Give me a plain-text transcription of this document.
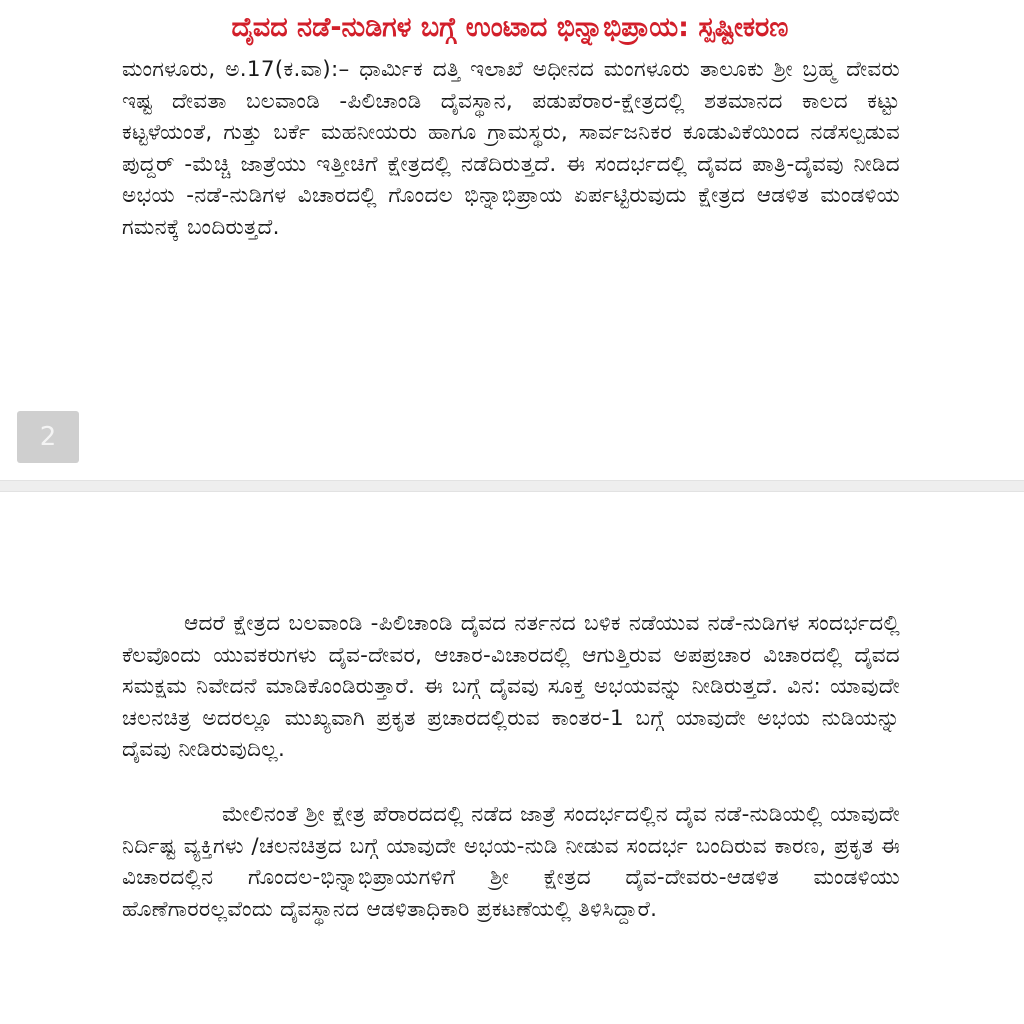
ದೈವದ ನಡೆ-ನುಡಿಗಳ ಬಗ್ಗೆ ಉಂಟಾದ ಭಿನ್ನಾಭಿಪ್ರಾಯ: ಸ್ಪಷ್ಟೀಕರಣ

ಮಂಗಳೂರು, ಅ.17(ಕ.ವಾ):– ಧಾರ್ಮಿಕ ದತ್ತಿ ಇಲಾಖೆ ಅಧೀನದ ಮಂಗಳೂರು ತಾಲೂಕು ಶ್ರೀ ಬ್ರಹ್ಮ ದೇವರು ಇಷ್ಟ ದೇವತಾ ಬಲವಾಂಡಿ -ಪಿಲಿಚಾಂಡಿ ದೈವಸ್ಥಾನ, ಪಡುಪೆರಾರ-ಕ್ಷೇತ್ರದಲ್ಲಿ ಶತಮಾನದ ಕಾಲದ ಕಟ್ಟು ಕಟ್ಟಳೆಯಂತೆ, ಗುತ್ತು ಬರ್ಕೆ ಮಹನೀಯರು ಹಾಗೂ ಗ್ರಾಮಸ್ಥರು, ಸಾರ್ವಜನಿಕರ ಕೂಡುವಿಕೆಯಿಂದ ನಡೆಸಲ್ಪಡುವ ಪುದ್ದರ್ -ಮೆಚ್ಚಿ ಜಾತ್ರೆಯು ಇತ್ತೀಚಿಗೆ ಕ್ಷೇತ್ರದಲ್ಲಿ ನಡೆದಿರುತ್ತದೆ. ಈ ಸಂದರ್ಭದಲ್ಲಿ ದೈವದ ಪಾತ್ರಿ-ದೈವವು ನೀಡಿದ ಅಭಯ -ನಡೆ-ನುಡಿಗಳ ವಿಚಾರದಲ್ಲಿ ಗೊಂದಲ ಭಿನ್ನಾಭಿಪ್ರಾಯ ಏರ್ಪಟ್ಟಿರುವುದು ಕ್ಷೇತ್ರದ ಆಡಳಿತ ಮಂಡಳಿಯ ಗಮನಕ್ಕೆ ಬಂದಿರುತ್ತದೆ.

2

ಆದರೆ ಕ್ಷೇತ್ರದ ಬಲವಾಂಡಿ -ಪಿಲಿಚಾಂಡಿ ದೈವದ ನರ್ತನದ ಬಳಿಕ ನಡೆಯುವ ನಡೆ-ನುಡಿಗಳ ಸಂದರ್ಭದಲ್ಲಿ ಕೆಲವೊಂದು ಯುವಕರುಗಳು ದೈವ-ದೇವರ, ಆಚಾರ-ವಿಚಾರದಲ್ಲಿ ಆಗುತ್ತಿರುವ ಅಪಪ್ರಚಾರ ವಿಚಾರದಲ್ಲಿ ದೈವದ ಸಮಕ್ಷಮ ನಿವೇದನೆ ಮಾಡಿಕೊಂಡಿರುತ್ತಾರೆ. ಈ ಬಗ್ಗೆ ದೈವವು ಸೂಕ್ತ ಅಭಯವನ್ನು ನೀಡಿರುತ್ತದೆ. ವಿನ: ಯಾವುದೇ ಚಲನಚಿತ್ರ ಅದರಲ್ಲೂ ಮುಖ್ಯವಾಗಿ ಪ್ರಕೃತ ಪ್ರಚಾರದಲ್ಲಿರುವ ಕಾಂತರ-1 ಬಗ್ಗೆ ಯಾವುದೇ ಅಭಯ ನುಡಿಯನ್ನು ದೈವವು ನೀಡಿರುವುದಿಲ್ಲ.

ಮೇಲಿನಂತೆ ಶ್ರೀ ಕ್ಷೇತ್ರ ಪೆರಾರದದಲ್ಲಿ ನಡೆದ ಜಾತ್ರೆ ಸಂದರ್ಭದಲ್ಲಿನ ದೈವ ನಡೆ-ನುಡಿಯಲ್ಲಿ ಯಾವುದೇ ನಿರ್ದಿಷ್ಟ ವ್ಯಕ್ತಿಗಳು /ಚಲನಚಿತ್ರದ ಬಗ್ಗೆ ಯಾವುದೇ ಅಭಯ-ನುಡಿ ನೀಡುವ ಸಂದರ್ಭ ಬಂದಿರುವ ಕಾರಣ, ಪ್ರಕೃತ ಈ ವಿಚಾರದಲ್ಲಿನ ಗೊಂದಲ-ಭಿನ್ನಾಭಿಪ್ರಾಯಗಳಿಗೆ ಶ್ರೀ ಕ್ಷೇತ್ರದ ದೈವ-ದೇವರು-ಆಡಳಿತ ಮಂಡಳಿಯು ಹೊಣೆಗಾರರಲ್ಲವೆಂದು ದೈವಸ್ಥಾನದ ಆಡಳಿತಾಧಿಕಾರಿ ಪ್ರಕಟಣೆಯಲ್ಲಿ ತಿಳಿಸಿದ್ದಾರೆ.
